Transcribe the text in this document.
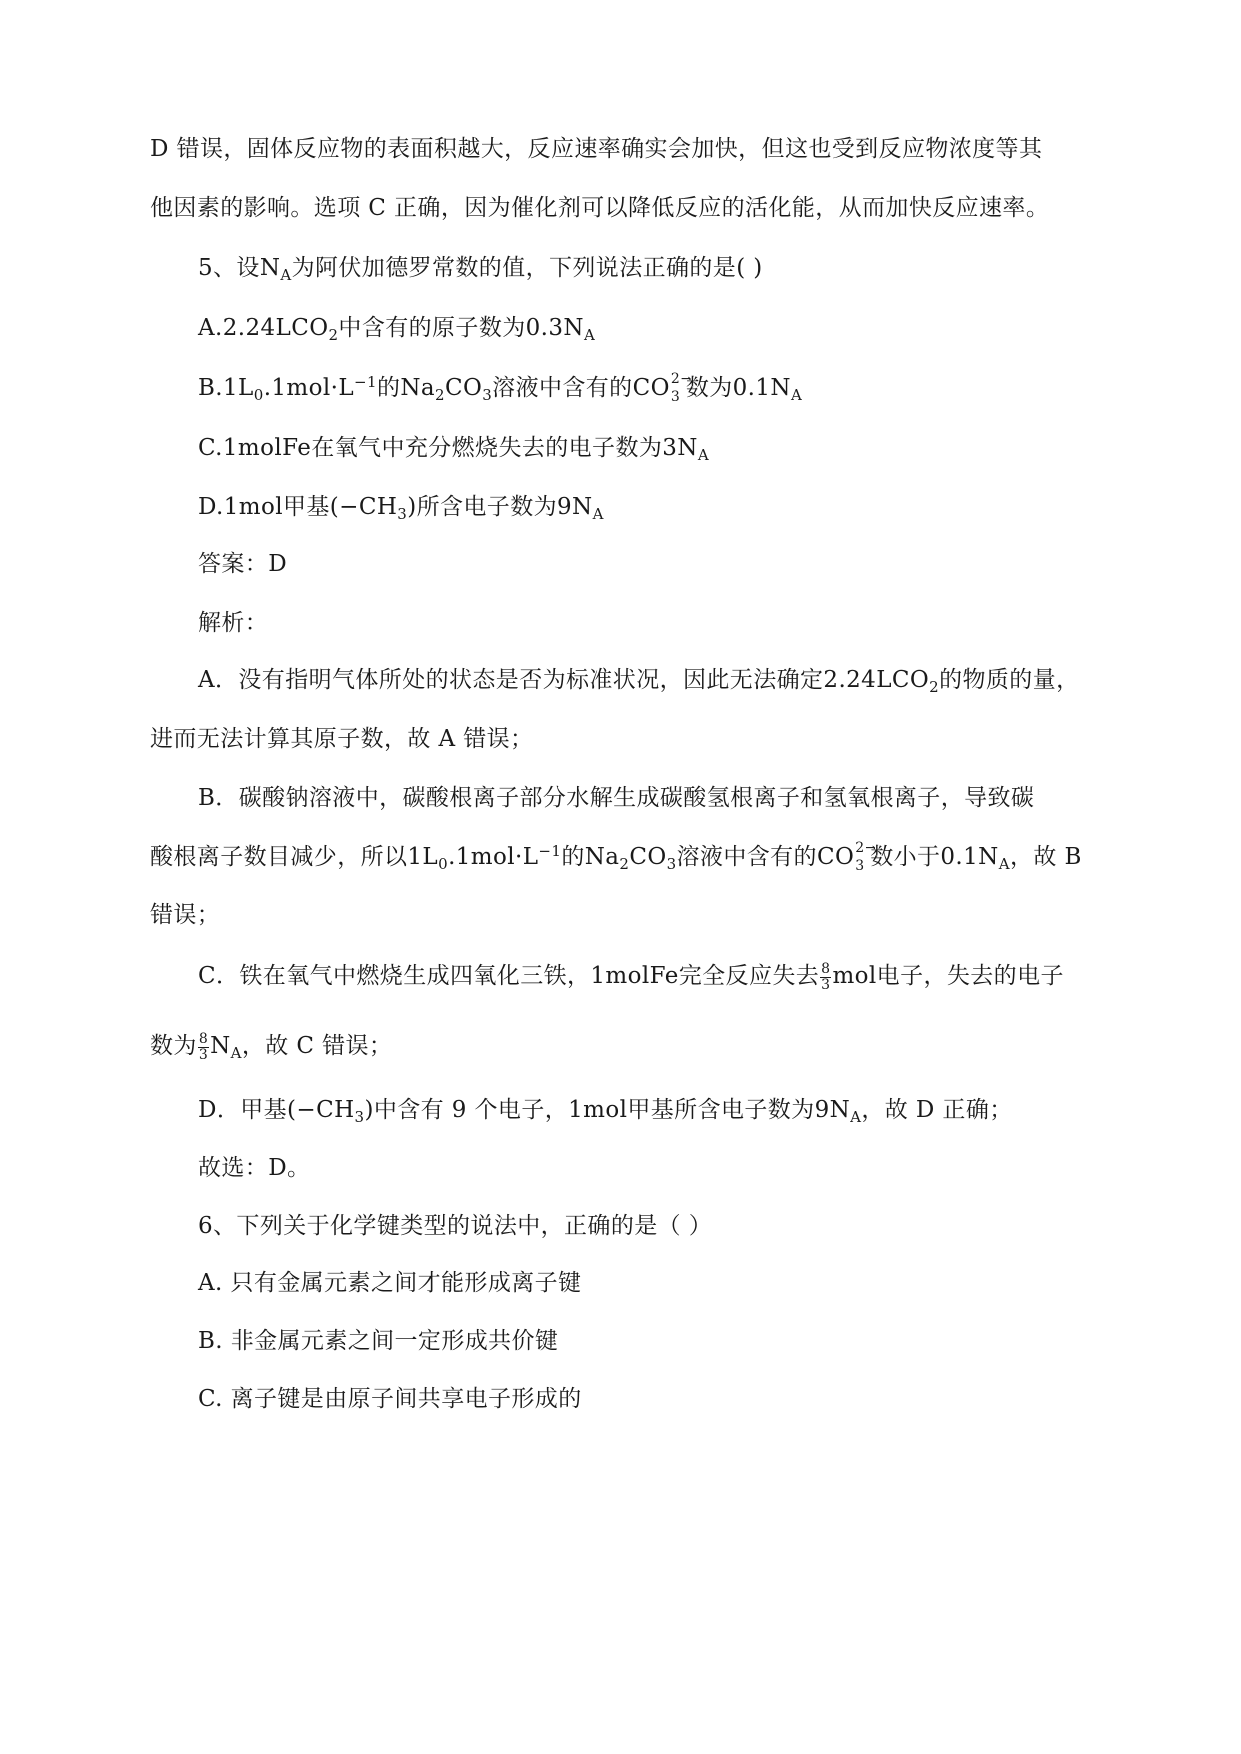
D 错误，固体反应物的表面积越大，反应速率确实会加快，但这也受到反应物浓度等其
他因素的影响。选项 C 正确，因为催化剂可以降低反应的活化能，从而加快反应速率。
5、设$N_A$为阿伏加德罗常数的值，下列说法正确的是( )
$A.2.24LCO_2$中含有的原子数为$0.3N_A$
$B.1L_0.1mol\cdot L^{-1}$的$Na_2CO_3$溶液中含有的CO 2−
3 数为$0.1N_A$
C.1molFe在氧气中充分燃烧失去的电子数为$3N_A$
D.1mol甲基$(-CH_3)$所含电子数为$9N_A$
答案：D
解析：
A．没有指明气体所处的状态是否为标准状况，因此无法确定$2.24LCO_2$的物质的量，
进而无法计算其原子数，故 A 错误；
B．碳酸钠溶液中，碳酸根离子部分水解生成碳酸氢根离子和氢氧根离子，导致碳
酸根离子数目减少，所以$1L_0.1mol\cdot L^{-1}$的$Na_2CO_3$溶液中含有的CO 2−
3 数小于$0.1N_A$，故 B
错误；
C．铁在氧气中燃烧生成四氧化三铁，1molFe完全反应失去 $\frac{8}{3}$ mol电子，失去的电子
数为 $\frac{8}{3} N_A$，故 C 错误；
D．甲基$(-CH_3)$中含有 9 个电子，1mol甲基所含电子数为$9N_A$，故 D 正确；
故选：D。
6、下列关于化学键类型的说法中，正确的是（ ）
A. 只有金属元素之间才能形成离子键
B. 非金属元素之间一定形成共价键
C. 离子键是由原子间共享电子形成的
